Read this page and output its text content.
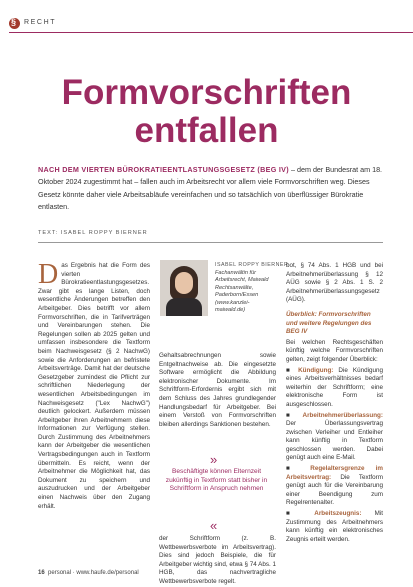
§
RECHT
Formvorschriften
entfallen
NACH DEM VIERTEN BÜROKRATIEENTLASTUNGSGESETZ (BEG IV) – dem der Bundesrat am 18. Oktober 2024 zugestimmt hat – fallen auch im Arbeitsrecht vor allem viele Formvorschriften weg. Dieses Gesetz könnte daher viele Arbeitsabläufe vereinfachen und so tatsächlich von überflüssiger Bürokratie entlasten.
TEXT: ISABEL ROPPY BIERNER
Das Ergebnis hat die Form des vierten Bürokratieentlastungsgesetzes. Zwar gibt es lange Listen, doch wesentliche Änderungen betreffen den Arbeitgeber. Dies betrifft vor allem Formvorschriften, die in Tarifverträgen und Vereinbarungen stehen. Die Regelungen sollen ab 2025 gelten und umfassen insbesondere die Textform beim Nachweisgesetz (§ 2 NachwG) sowie die Anforderungen an befristete Arbeitsverträge. Damit hat der deutsche Gesetzgeber zumindest die Pflicht zur schriftlichen Niederlegung der wesentlichen Arbeitsbedingungen im Nachweisgesetz ("Lex NachwG") deutlich gelockert. Außerdem müssen Arbeitgeber ihren Arbeitnehmern diese Informationen zur Verfügung stellen. Durch Zustimmung des Arbeitnehmers kann der Arbeitgeber die wesentlichen Vertragsbedingungen auch in Textform übermitteln. Es reicht, wenn der Arbeitnehmer die Möglichkeit hat, das Dokument zu speichern und auszudrucken und der Arbeitgeber einen Nachweis über den Zugang erhält.
ISABEL ROPPY BIERNER
Fachanwältin für Arbeitsrecht, Maiwald Rechtsanwälte, Paderborn/Essen (www.kanzlei-maiwald.de)
Gehaltsabrechnungen sowie Entgeltnachweise ab. Die eingesetzte Software ermöglicht die Abbildung elektronischer Dokumente. Im Schriftform-Erfordernis ergibt sich mit dem Schluss des Jahres grundlegender Handlungsbedarf für Arbeitgeber. Bei einem Verstoß von Formvorschriften bleiben allerdings Sanktionen bestehen.
»
Beschäftigte können Elternzeit zukünftig in Textform statt bisher in Schriftform in Anspruch nehmen
«
der Schriftform (z. B. Wettbewerbsverbote im Arbeitsvertrag). Dies sind jedoch Beispiele, die für Arbeitgeber wichtig sind, etwa § 74 Abs. 1 HGB, das nachvertragliche Wettbewerbsverbote regelt.
bot, § 74 Abs. 1 HGB und bei Arbeitnehmerüberlassung § 12 AÜG sowie § 2 Abs. 1 S. 2 Arbeitnehmerüberlassungsgesetz (AÜG).
Überblick: Formvorschriften und weitere Regelungen des BEG IV
Bei welchen Rechtsgeschäften künftig welche Formvorschriften gelten, zeigt folgender Überblick:
■ Kündigung: Die Kündigung eines Arbeitsverhältnisses bedarf weiterhin der Schriftform; eine elektronische Form ist ausgeschlossen.
■ Arbeitnehmerüberlassung: Der Überlassungsvertrag zwischen Verleiher und Entleiher kann künftig in Textform geschlossen werden. Dabei genügt auch eine E-Mail.
■ Regelaltersgrenze im Arbeitsvertrag: Die Textform genügt auch für die Vereinbarung einer Beendigung zum Regelrentenalter.
■ Arbeitszeugnis: Mit Zustimmung des Arbeitnehmers kann künftig ein elektronisches Zeugnis erteilt werden.
16 personal · www.haufe.de/personal
